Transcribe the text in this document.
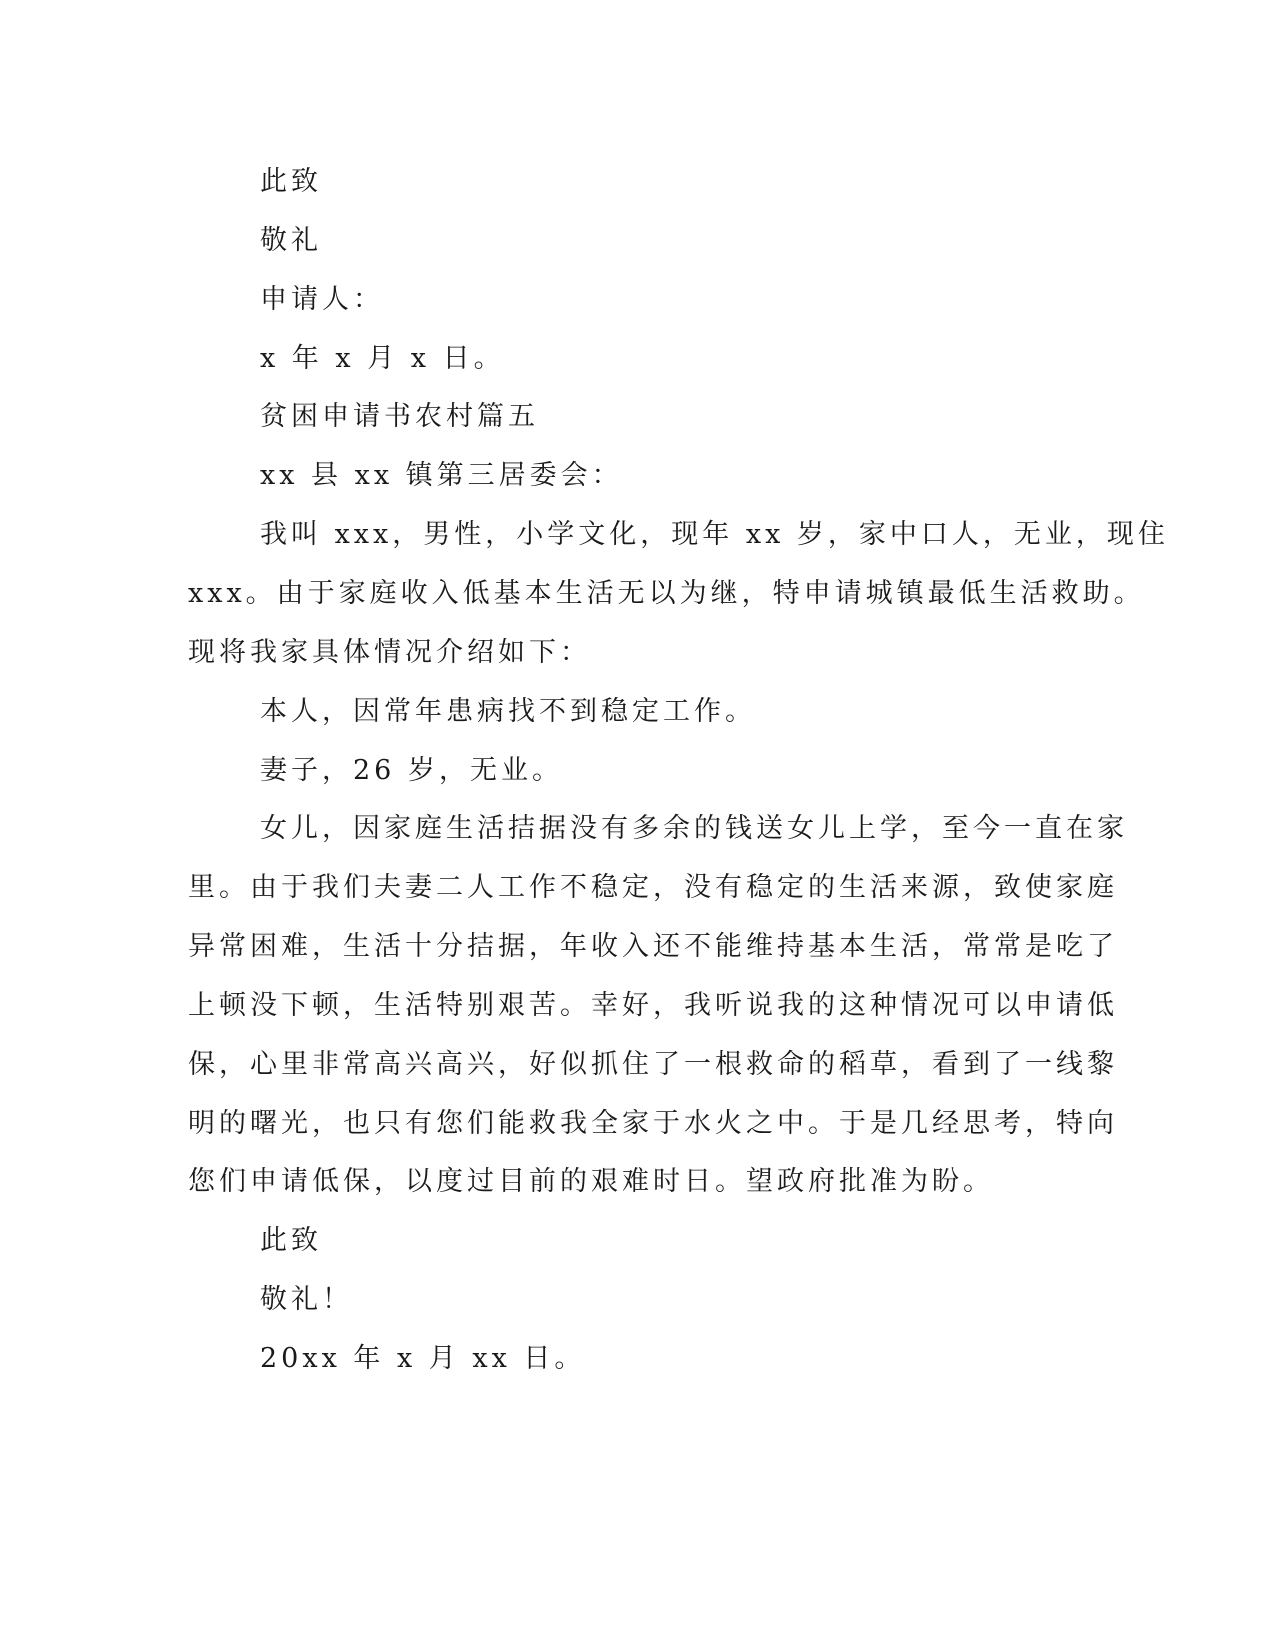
此致
敬礼
申请人：
x 年 x 月 x 日。
贫困申请书农村篇五
xx 县 xx 镇第三居委会：
我叫 xxx，男性，小学文化，现年 xx 岁，家中口人，无业，现住
xxx。由于家庭收入低基本生活无以为继，特申请城镇最低生活救助。
现将我家具体情况介绍如下：
本人，因常年患病找不到稳定工作。
妻子，26 岁，无业。
女儿，因家庭生活拮据没有多余的钱送女儿上学，至今一直在家
里。由于我们夫妻二人工作不稳定，没有稳定的生活来源，致使家庭
异常困难，生活十分拮据，年收入还不能维持基本生活，常常是吃了
上顿没下顿，生活特别艰苦。幸好，我听说我的这种情况可以申请低
保，心里非常高兴高兴，好似抓住了一根救命的稻草，看到了一线黎
明的曙光，也只有您们能救我全家于水火之中。于是几经思考，特向
您们申请低保，以度过目前的艰难时日。望政府批准为盼。
此致
敬礼！
20xx 年 x 月 xx 日。
